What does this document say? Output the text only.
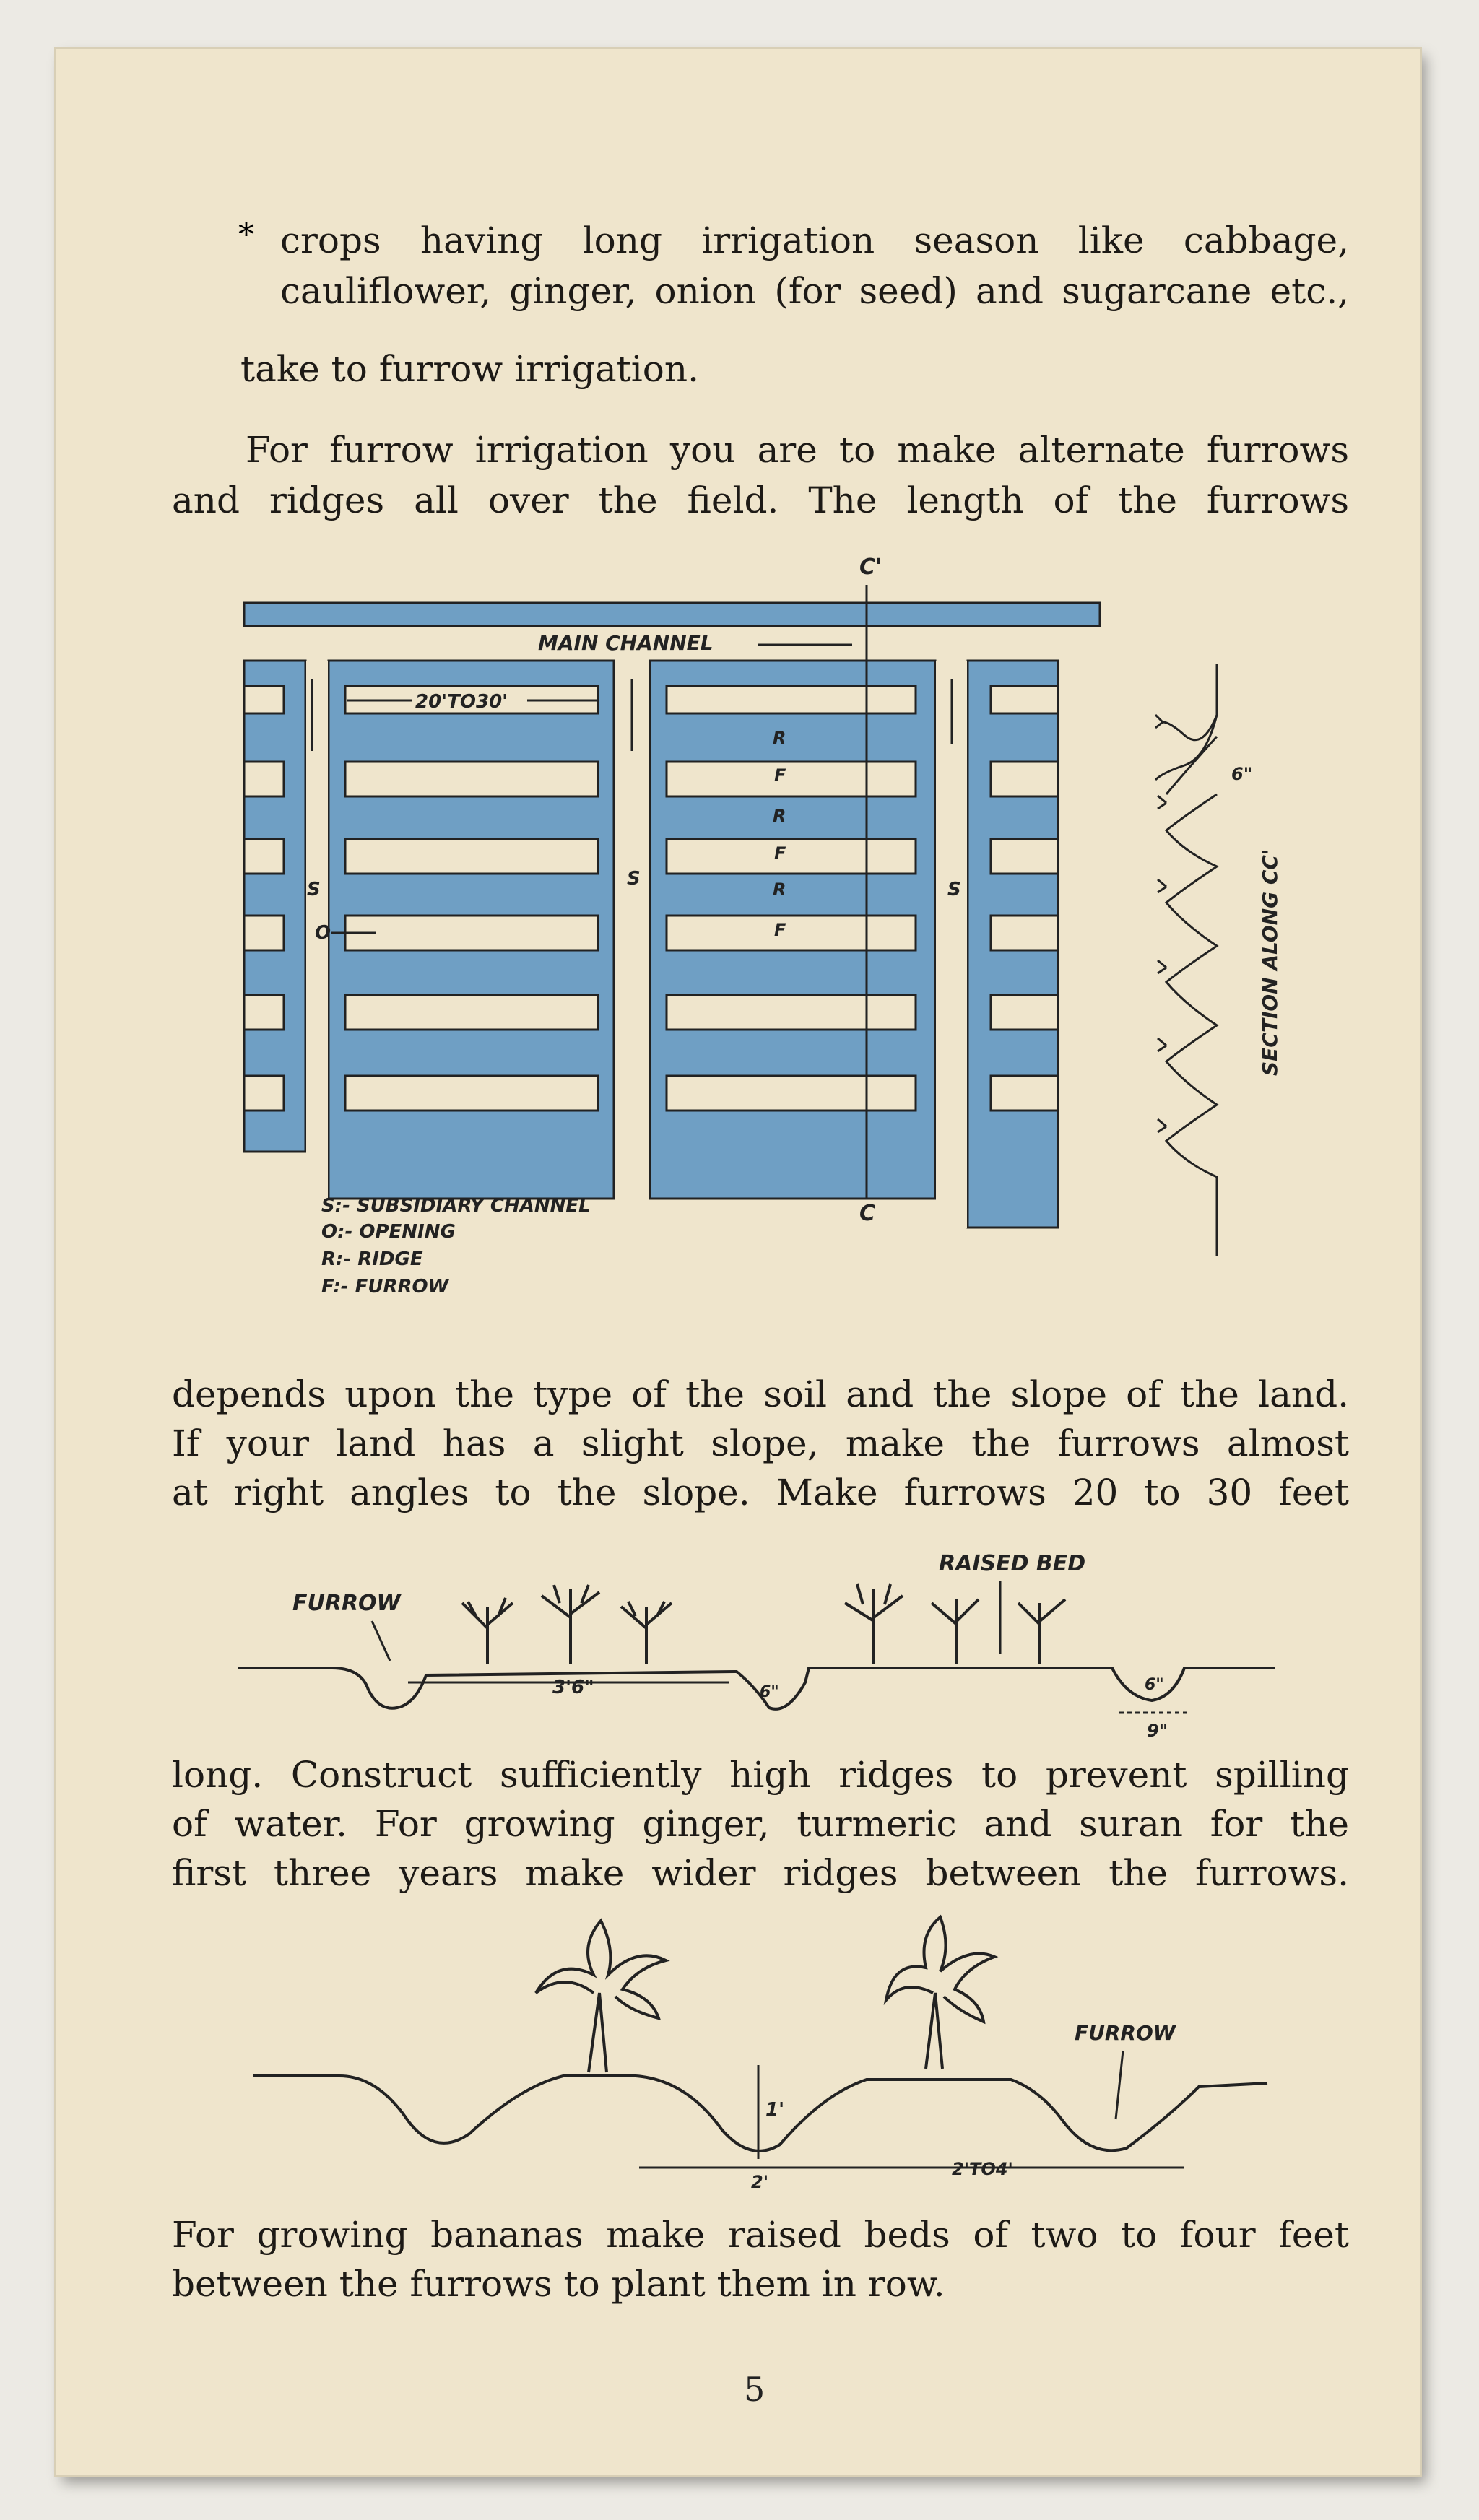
* crops having long irrigation season like cabbage,

cauliflower, ginger, onion (for seed) and sugarcane etc.,

take to furrow irrigation.

For furrow irrigation you are to make alternate furrows

and ridges all over the field. The length of the furrows

C'
C
MAIN CHANNEL
20'TO30'
R
F
R
F
R
F
S	S	S
O
S:- SUBSIDIARY CHANNEL
O:- OPENING
R:- RIDGE
F:- FURROW
6"
SECTION ALONG CC'

depends upon the type of the soil and the slope of the land.

If your land has a slight slope, make the furrows almost

at right angles to the slope. Make furrows 20 to 30 feet

FURROW
RAISED BED
3'6"	6"	6"
9"

long. Construct sufficiently high ridges to prevent spilling

of water. For growing ginger, turmeric and suran for the

first three years make wider ridges between the furrows.

1'
2'
2'TO4'
FURROW

For growing bananas make raised beds of two to four feet

between the furrows to plant them in row.

5
